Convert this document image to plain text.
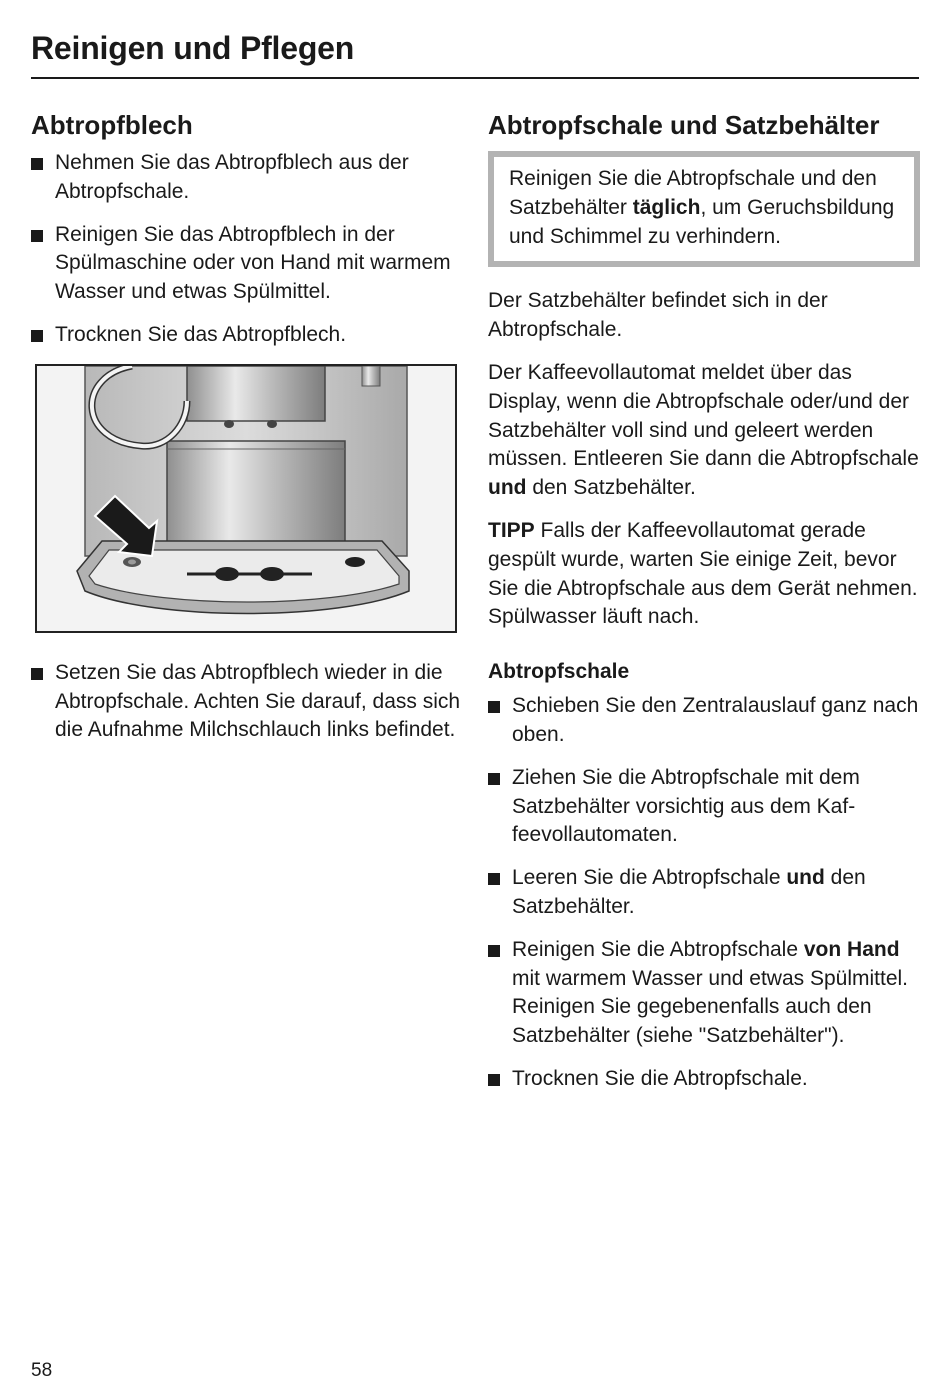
Reinigen und Pflegen
Abtropfblech
Nehmen Sie das Abtropfblech aus der Abtropfschale.
Reinigen Sie das Abtropfblech in der Spülmaschine oder von Hand mit warmem Wasser und etwas Spülmittel.
Trocknen Sie das Abtropfblech.
Setzen Sie das Abtropfblech wieder in die Abtropfschale. Achten Sie darauf, dass sich die Aufnahme Milchschlauch links befindet.
Abtropfschale und Satzbehälter

Reinigen Sie die Abtropfschale und den Satzbehälter täglich, um Geruchsbildung und Schimmel zu verhindern.

Der Satzbehälter befindet sich in der Abtropfschale.

Der Kaffeevollautomat meldet über das Display, wenn die Abtropfschale oder/und der Satzbehälter voll sind und geleert werden müssen. Entleeren Sie dann die Abtropfschale und den Satzbehälter.

TIPP Falls der Kaffeevollautomat gerade gespült wurde, warten Sie einige Zeit, bevor Sie die Abtropfschale aus dem Gerät nehmen. Spülwasser läuft nach.

Abtropfschale
Schieben Sie den Zentralauslauf ganz nach oben.
Ziehen Sie die Abtropfschale mit dem Satzbehälter vorsichtig aus dem Kaffeevollautomaten.
Leeren Sie die Abtropfschale und den Satzbehälter.
Reinigen Sie die Abtropfschale von Hand mit warmem Wasser und etwas Spülmittel. Reinigen Sie gegebenenfalls auch den Satzbehälter (siehe "Satzbehälter").
Trocknen Sie die Abtropfschale.
58
